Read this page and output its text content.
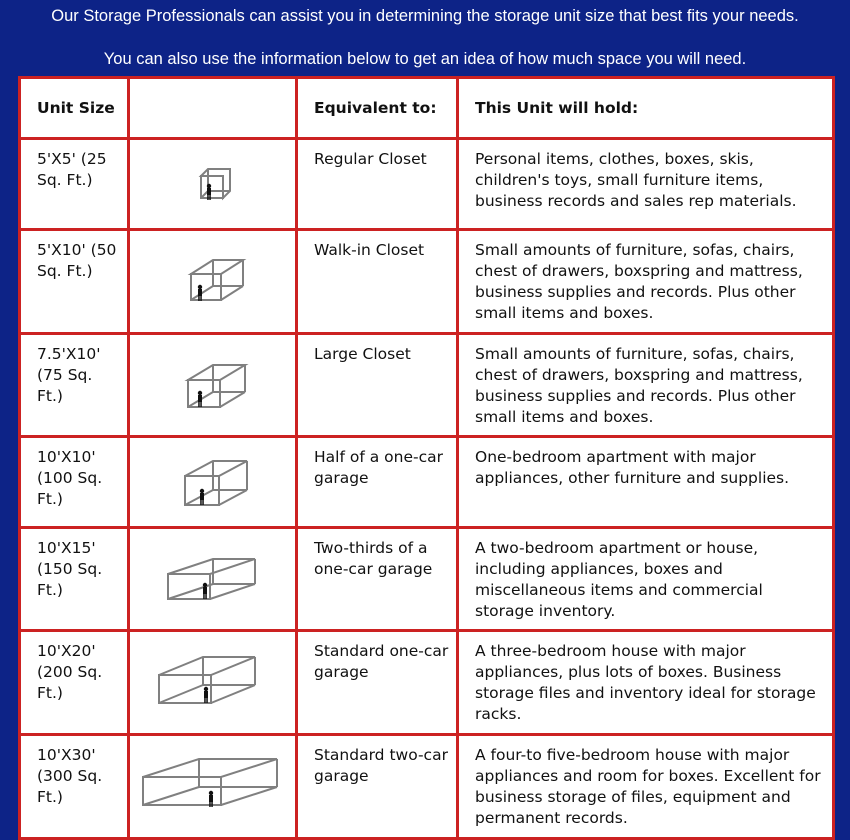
Our Storage Professionals can assist you in determining the storage unit size that best fits your needs.
You can also use the information below to get an idea of how much space you will need.
Unit Size		Equivalent to:	This Unit will hold:
5'X5' (25 Sq. Ft.)		Regular Closet	Personal items, clothes, boxes, skis, children's toys, small furniture items, business records and sales rep materials.
5'X10' (50 Sq. Ft.)		Walk-in Closet	Small amounts of furniture, sofas, chairs, chest of drawers, boxspring and mattress, business supplies and records. Plus other small items and boxes.
7.5'X10' (75 Sq. Ft.)		Large Closet	Small amounts of furniture, sofas, chairs, chest of drawers, boxspring and mattress, business supplies and records. Plus other small items and boxes.
10'X10' (100 Sq. Ft.)		Half of a one-car garage	One-bedroom apartment with major appliances, other furniture and supplies.
10'X15' (150 Sq. Ft.)		Two-thirds of a one-car garage	A two-bedroom apartment or house, including appliances, boxes and miscellaneous items and commercial storage inventory.
10'X20' (200 Sq. Ft.)		Standard one-car garage	A three-bedroom house with major appliances, plus lots of boxes. Business storage files and inventory ideal for storage racks.
10'X30' (300 Sq. Ft.)		Standard two-car garage	A four-to five-bedroom house with major appliances and room for boxes. Excellent for business storage of files, equipment and permanent records.
